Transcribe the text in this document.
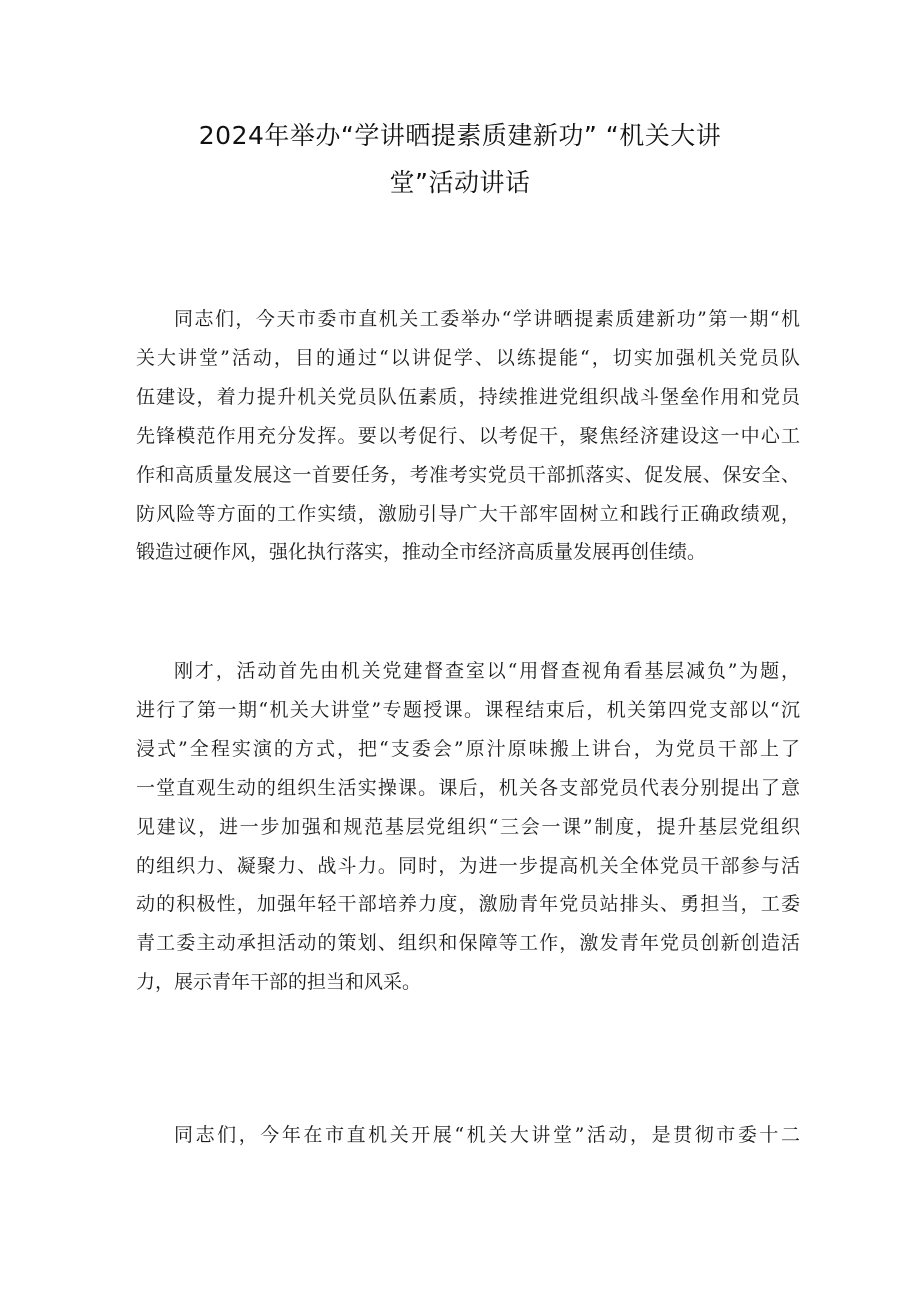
2024年举办“学讲晒提素质建新功” “机关大讲
堂”活动讲话
同志们，今天市委市直机关工委举办“学讲晒提素质建新功”第一期“机
关大讲堂”活动，目的通过“以讲促学、以练提能“，切实加强机关党员队
伍建设，着力提升机关党员队伍素质，持续推进党组织战斗堡垒作用和党员
先锋模范作用充分发挥。要以考促行、以考促干，聚焦经济建设这一中心工
作和高质量发展这一首要任务，考准考实党员干部抓落实、促发展、保安全、
防风险等方面的工作实绩，激励引导广大干部牢固树立和践行正确政绩观，
锻造过硬作风，强化执行落实，推动全市经济高质量发展再创佳绩。
刚才，活动首先由机关党建督查室以“用督查视角看基层减负”为题，
进行了第一期“机关大讲堂”专题授课。课程结束后，机关第四党支部以“沉
浸式”全程实演的方式，把“支委会”原汁原味搬上讲台，为党员干部上了
一堂直观生动的组织生活实操课。课后，机关各支部党员代表分别提出了意
见建议，进一步加强和规范基层党组织“三会一课”制度，提升基层党组织
的组织力、凝聚力、战斗力。同时，为进一步提高机关全体党员干部参与活
动的积极性，加强年轻干部培养力度，激励青年党员站排头、勇担当，工委
青工委主动承担活动的策划、组织和保障等工作，激发青年党员创新创造活
力，展示青年干部的担当和风采。
同志们，今年在市直机关开展“机关大讲堂”活动，是贯彻市委十二
